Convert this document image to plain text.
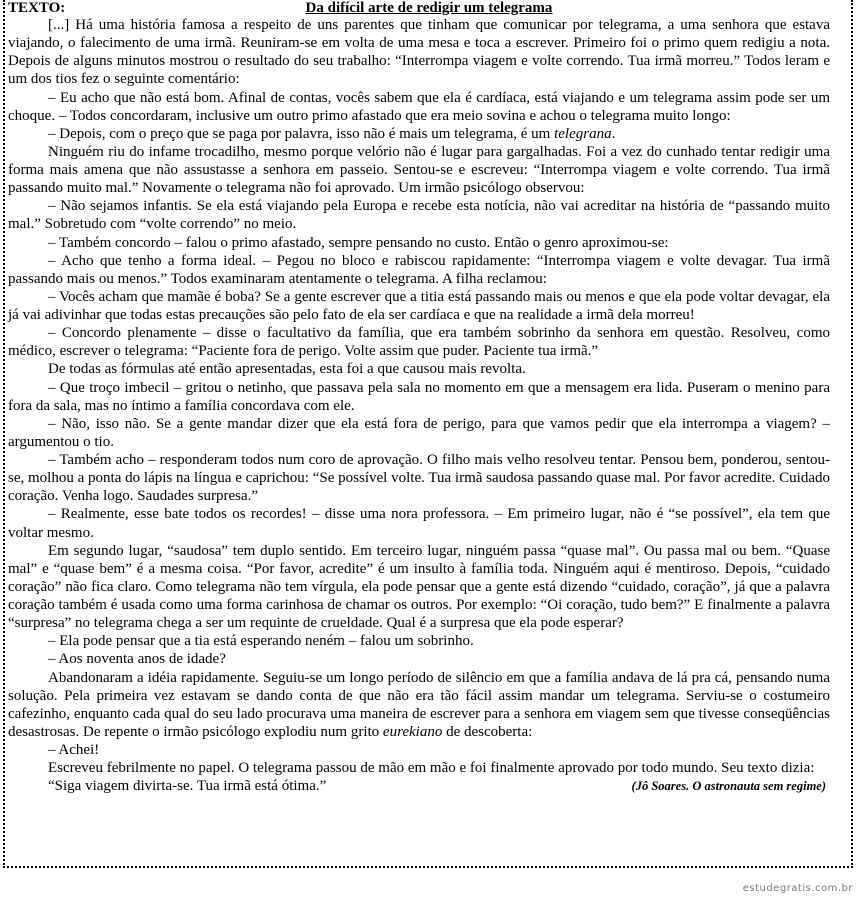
TEXTO:	Da difícil arte de redigir um telegrama

[...] Há uma história famosa a respeito de uns parentes que tinham que comunicar por telegrama, a uma senhora que estava viajando, o falecimento de uma irmã. Reuniram-se em volta de uma mesa e toca a escrever. Primeiro foi o primo quem redigiu a nota. Depois de alguns minutos mostrou o resultado do seu trabalho: “Interrompa viagem e volte correndo. Tua irmã morreu.” Todos leram e um dos tios fez o seguinte comentário:

– Eu acho que não está bom. Afinal de contas, vocês sabem que ela é cardíaca, está viajando e um telegrama assim pode ser um choque. – Todos concordaram, inclusive um outro primo afastado que era meio sovina e achou o telegrama muito longo:

– Depois, com o preço que se paga por palavra, isso não é mais um telegrama, é um telegrana.

Ninguém riu do infame trocadilho, mesmo porque velório não é lugar para gargalhadas. Foi a vez do cunhado tentar redigir uma forma mais amena que não assustasse a senhora em passeio. Sentou-se e escreveu: “Interrompa viagem e volte correndo. Tua irmã passando muito mal.” Novamente o telegrama não foi aprovado. Um irmão psicólogo observou:

– Não sejamos infantis. Se ela está viajando pela Europa e recebe esta notícia, não vai acreditar na história de “passando muito mal.” Sobretudo com “volte correndo” no meio.

– Também concordo – falou o primo afastado, sempre pensando no custo. Então o genro aproximou-se:

– Acho que tenho a forma ideal. – Pegou no bloco e rabiscou rapidamente: “Interrompa viagem e volte devagar. Tua irmã passando mais ou menos.” Todos examinaram atentamente o telegrama. A filha reclamou:

– Vocês acham que mamãe é boba? Se a gente escrever que a titia está passando mais ou menos e que ela pode voltar devagar, ela já vai adivinhar que todas estas precauções são pelo fato de ela ser cardíaca e que na realidade a irmã dela morreu!

– Concordo plenamente – disse o facultativo da família, que era também sobrinho da senhora em questão. Resolveu, como médico, escrever o telegrama: “Paciente fora de perigo. Volte assim que puder. Paciente tua irmã.”

De todas as fórmulas até então apresentadas, esta foi a que causou mais revolta.

– Que troço imbecil – gritou o netinho, que passava pela sala no momento em que a mensagem era lida. Puseram o menino para fora da sala, mas no íntimo a família concordava com ele.

– Não, isso não. Se a gente mandar dizer que ela está fora de perigo, para que vamos pedir que ela interrompa a viagem? – argumentou o tio.

– Também acho – responderam todos num coro de aprovação. O filho mais velho resolveu tentar. Pensou bem, ponderou, sentou-se, molhou a ponta do lápis na língua e caprichou: “Se possível volte. Tua irmã saudosa passando quase mal. Por favor acredite. Cuidado coração. Venha logo. Saudades surpresa.”

– Realmente, esse bate todos os recordes! – disse uma nora professora. – Em primeiro lugar, não é “se possível”, ela tem que voltar mesmo.

Em segundo lugar, “saudosa” tem duplo sentido. Em terceiro lugar, ninguém passa “quase mal”. Ou passa mal ou bem. “Quase mal” e “quase bem” é a mesma coisa. “Por favor, acredite” é um insulto à família toda. Ninguém aqui é mentiroso. Depois, “cuidado coração” não fica claro. Como telegrama não tem vírgula, ela pode pensar que a gente está dizendo “cuidado, coração”, já que a palavra coração também é usada como uma forma carinhosa de chamar os outros. Por exemplo: “Oi coração, tudo bem?” E finalmente a palavra “surpresa” no telegrama chega a ser um requinte de crueldade. Qual é a surpresa que ela pode esperar?

– Ela pode pensar que a tia está esperando neném – falou um sobrinho.

– Aos noventa anos de idade?

Abandonaram a idéia rapidamente. Seguiu-se um longo período de silêncio em que a família andava de lá pra cá, pensando numa solução. Pela primeira vez estavam se dando conta de que não era tão fácil assim mandar um telegrama. Serviu-se o costumeiro cafezinho, enquanto cada qual do seu lado procurava uma maneira de escrever para a senhora em viagem sem que tivesse conseqüências desastrosas. De repente o irmão psicólogo explodiu num grito eurekiano de descoberta:

– Achei!

Escreveu febrilmente no papel. O telegrama passou de mão em mão e foi finalmente aprovado por todo mundo. Seu texto dizia:

“Siga viagem divirta-se. Tua irmã está ótima.”	(Jô Soares. O astronauta sem regime)

estudegratis.com.br
